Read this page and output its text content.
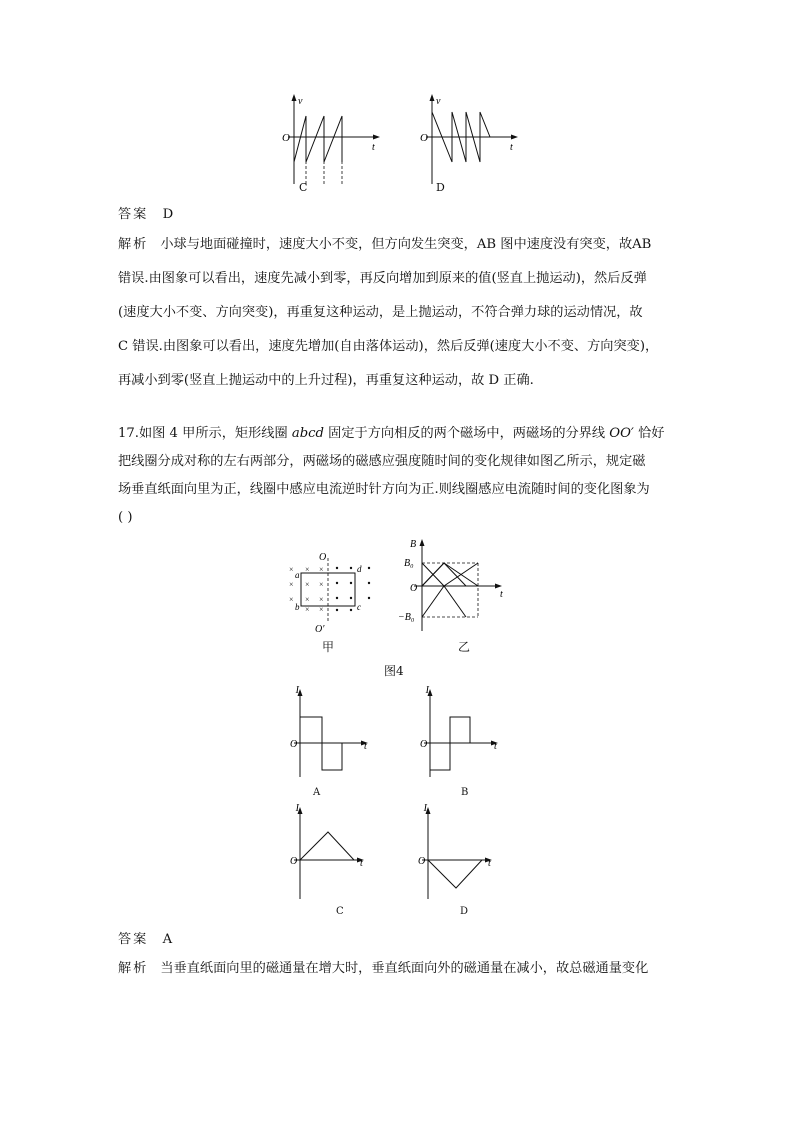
v
t
O
C
v
t
O
D
答案 D
解析 小球与地面碰撞时，速度大小不变，但方向发生突变，AB 图中速度没有突变，故AB
错误.由图象可以看出，速度先减小到零，再反向增加到原来的值(竖直上抛运动)，然后反弹
(速度大小不变、方向突变)，再重复这种运动，是上抛运动，不符合弹力球的运动情况，故
C 错误.由图象可以看出，速度先增加(自由落体运动)，然后反弹(速度大小不变、方向突变)，
再减小到零(竖直上抛运动中的上升过程)，再重复这种运动，故 D 正确.
17.如图 4 甲所示，矩形线圈 abcd 固定于方向相反的两个磁场中，两磁场的分界线 OO′ 恰好
把线圈分成对称的左右两部分，两磁场的磁感应强度随时间的变化规律如图乙所示，规定磁
场垂直纸面向里为正，线圈中感应电流逆时针方向为正.则线圈感应电流随时间的变化图象为
( )
× × ×
× × ×
× × ×
× ×
O
O′
a
b	c
d
甲
B
t
B₀
−B₀
O
乙
图4
I
t
O
A
I
t
O
B
I
t
O
C
I
t
O
D
答案 A
解析 当垂直纸面向里的磁通量在增大时，垂直纸面向外的磁通量在减小，故总磁通量变化
